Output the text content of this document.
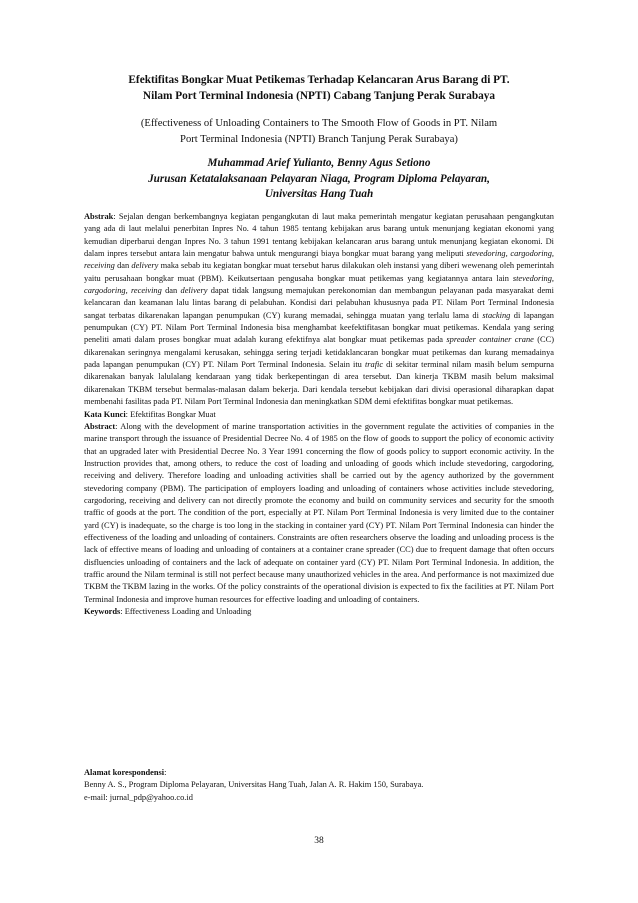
Efektifitas Bongkar Muat Petikemas Terhadap Kelancaran Arus Barang di PT.
Nilam Port Terminal Indonesia (NPTI) Cabang Tanjung Perak Surabaya
(Effectiveness of Unloading Containers to The Smooth Flow of Goods in PT. Nilam
Port Terminal Indonesia (NPTI) Branch Tanjung Perak Surabaya)
Muhammad Arief Yulianto, Benny Agus Setiono
Jurusan Ketatalaksanaan Pelayaran Niaga, Program Diploma Pelayaran,
Universitas Hang Tuah

Abstrak: Sejalan dengan berkembangnya kegiatan pengangkutan di laut maka pemerintah mengatur kegiatan perusahaan pengangkutan yang ada di laut melalui penerbitan Inpres No. 4 tahun 1985 tentang kebijakan arus barang untuk menunjang kegiatan ekonomi yang kemudian diperbarui dengan Inpres No. 3 tahun 1991 tentang kebijakan kelancaran arus barang untuk menunjang kegiatan ekonomi. Di dalam inpres tersebut antara lain mengatur bahwa untuk mengurangi biaya bongkar muat barang yang meliputi stevedoring, cargodoring, receiving dan delivery maka sebab itu kegiatan bongkar muat tersebut harus dilakukan oleh instansi yang diberi wewenang oleh pemerintah yaitu perusahaan bongkar muat (PBM). Keikutsertaan pengusaha bongkar muat petikemas yang kegiatannya antara lain stevedoring, cargodoring, receiving dan delivery dapat tidak langsung memajukan perekonomian dan membangun pelayanan pada masyarakat demi kelancaran dan keamanan lalu lintas barang di pelabuhan. Kondisi dari pelabuhan khususnya pada PT. Nilam Port Terminal Indonesia sangat terbatas dikarenakan lapangan penumpukan (CY) kurang memadai, sehingga muatan yang terlalu lama di stacking di lapangan penumpukan (CY) PT. Nilam Port Terminal Indonesia bisa menghambat keefektifitasan bongkar muat petikemas. Kendala yang sering peneliti amati dalam proses bongkar muat adalah kurang efektifnya alat bongkar muat petikemas pada spreader container crane (CC) dikarenakan seringnya mengalami kerusakan, sehingga sering terjadi ketidaklancaran bongkar muat petikemas dan kurang memadainya pada lapangan penumpukan (CY) PT. Nilam Port Terminal Indonesia. Selain itu trafic di sekitar terminal nilam masih belum sempurna dikarenakan banyak lalulalang kendaraan yang tidak berkepentingan di area tersebut. Dan kinerja TKBM masih belum maksimal dikarenakan TKBM tersebut bermalas-malasan dalam bekerja. Dari kendala tersebut kebijakan dari divisi operasional diharapkan dapat membenahi fasilitas pada PT. Nilam Port Terminal Indonesia dan meningkatkan SDM demi efektifitas bongkar muat petikemas.

Kata Kunci: Efektifitas Bongkar Muat

Abstract: Along with the development of marine transportation activities in the government regulate the activities of companies in the marine transport through the issuance of Presidential Decree No. 4 of 1985 on the flow of goods to support the policy of economic activity that an upgraded later with Presidential Decree No. 3 Year 1991 concerning the flow of goods policy to support economic activity. In the Instruction provides that, among others, to reduce the cost of loading and unloading of goods which include stevedoring, cargodoring, receiving and delivery. Therefore loading and unloading activities shall be carried out by the agency authorized by the government stevedoring company (PBM). The participation of employers loading and unloading of containers whose activities include stevedoring, cargodoring, receiving and delivery can not directly promote the economy and build on community services and security for the smooth traffic of goods at the port. The condition of the port, especially at PT. Nilam Port Terminal Indonesia is very limited due to the container yard (CY) is inadequate, so the charge is too long in the stacking in container yard (CY) PT. Nilam Port Terminal Indonesia can hinder the effectiveness of the loading and unloading of containers. Constraints are often researchers observe the loading and unloading process is the lack of effective means of loading and unloading of containers at a container crane spreader (CC) due to frequent damage that often occurs disfluencies unloading of containers and the lack of adequate on container yard (CY) PT. Nilam Port Terminal Indonesia. In addition, the traffic around the Nilam terminal is still not perfect because many unauthorized vehicles in the area. And performance is not maximized due TKBM the TKBM lazing in the works. Of the policy constraints of the operational division is expected to fix the facilities at PT. Nilam Port Terminal Indonesia and improve human resources for effective loading and unloading of containers.

Keywords: Effectiveness Loading and Unloading

Alamat korespondensi:

Benny A. S., Program Diploma Pelayaran, Universitas Hang Tuah, Jalan A. R. Hakim 150, Surabaya.

e-mail: jurnal_pdp@yahoo.co.id

38
